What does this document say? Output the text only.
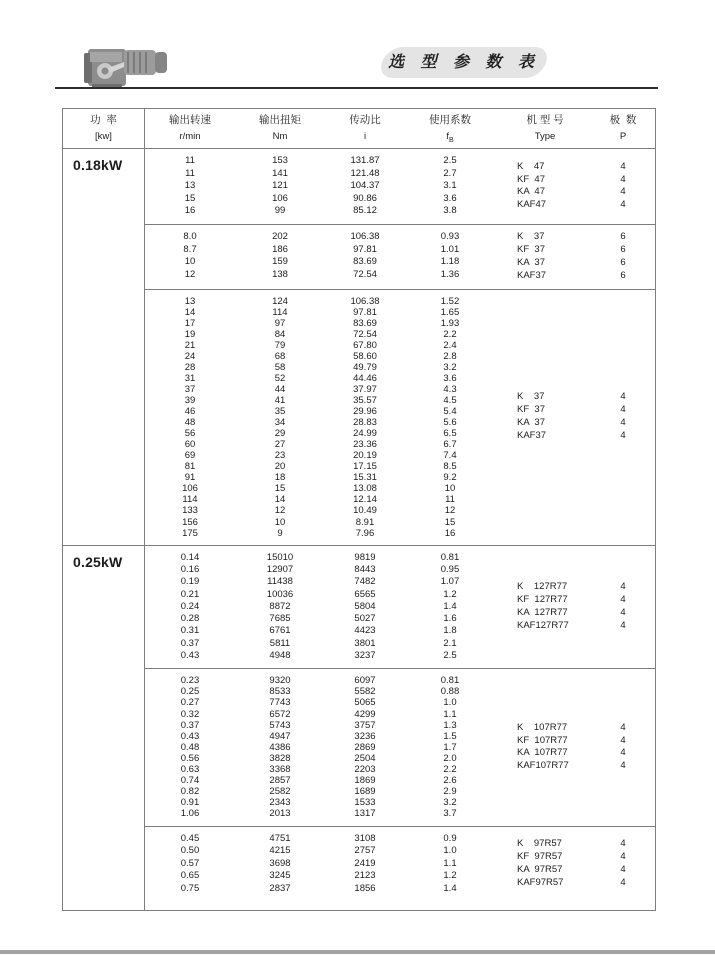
选 型 参 数 表
功  率
[kw]
输出转速
r/min
输出扭矩
Nm
传动比
i
使用系数
$f_B$
机 型 号
Type
极  数
P
0.18kW	11
11
13
15
16
153
141
121
106
99
131.87
121.48
104.37
90.86
85.12
2.5
2.7
3.1
3.6
3.8
K    47
KF  47
KA  47
KAF47
4
4
4
4
8.0
8.7
10
12
202
186
159
138
106.38
97.81
83.69
72.54
0.93
1.01
1.18
1.36
K    37
KF  37
KA  37
KAF37
6
6
6
6
13
14
17
19
21
24
28
31
37
39
46
48
56
60
69
81
91
106
114
133
156
175
124
114
97
84
79
68
58
52
44
41
35
34
29
27
23
20
18
15
14
12
10
9
106.38
97.81
83.69
72.54
67.80
58.60
49.79
44.46
37.97
35.57
29.96
28.83
24.99
23.36
20.19
17.15
15.31
13.08
12.14
10.49
8.91
7.96
1.52
1.65
1.93
2.2
2.4
2.8
3.2
3.6
4.3
4.5
5.4
5.6
6.5
6.7
7.4
8.5
9.2
10
11
12
15
16
K    37
KF  37
KA  37
KAF37
4
4
4
4
0.25kW	0.14
0.16
0.19
0.21
0.24
0.28
0.31
0.37
0.43
15010
12907
11438
10036
8872
7685
6761
5811
4948
9819
8443
7482
6565
5804
5027
4423
3801
3237
0.81
0.95
1.07
1.2
1.4
1.6
1.8
2.1
2.5
K    127R77
KF  127R77
KA  127R77
KAF127R77
4
4
4
4
0.23
0.25
0.27
0.32
0.37
0.43
0.48
0.56
0.63
0.74
0.82
0.91
1.06
9320
8533
7743
6572
5743
4947
4386
3828
3368
2857
2582
2343
2013
6097
5582
5065
4299
3757
3236
2869
2504
2203
1869
1689
1533
1317
0.81
0.88
1.0
1.1
1.3
1.5
1.7
2.0
2.2
2.6
2.9
3.2
3.7
K    107R77
KF  107R77
KA  107R77
KAF107R77
4
4
4
4
0.45
0.50
0.57
0.65
0.75
4751
4215
3698
3245
2837
3108
2757
2419
2123
1856
0.9
1.0
1.1
1.2
1.4
K    97R57
KF  97R57
KA  97R57
KAF97R57
4
4
4
4
